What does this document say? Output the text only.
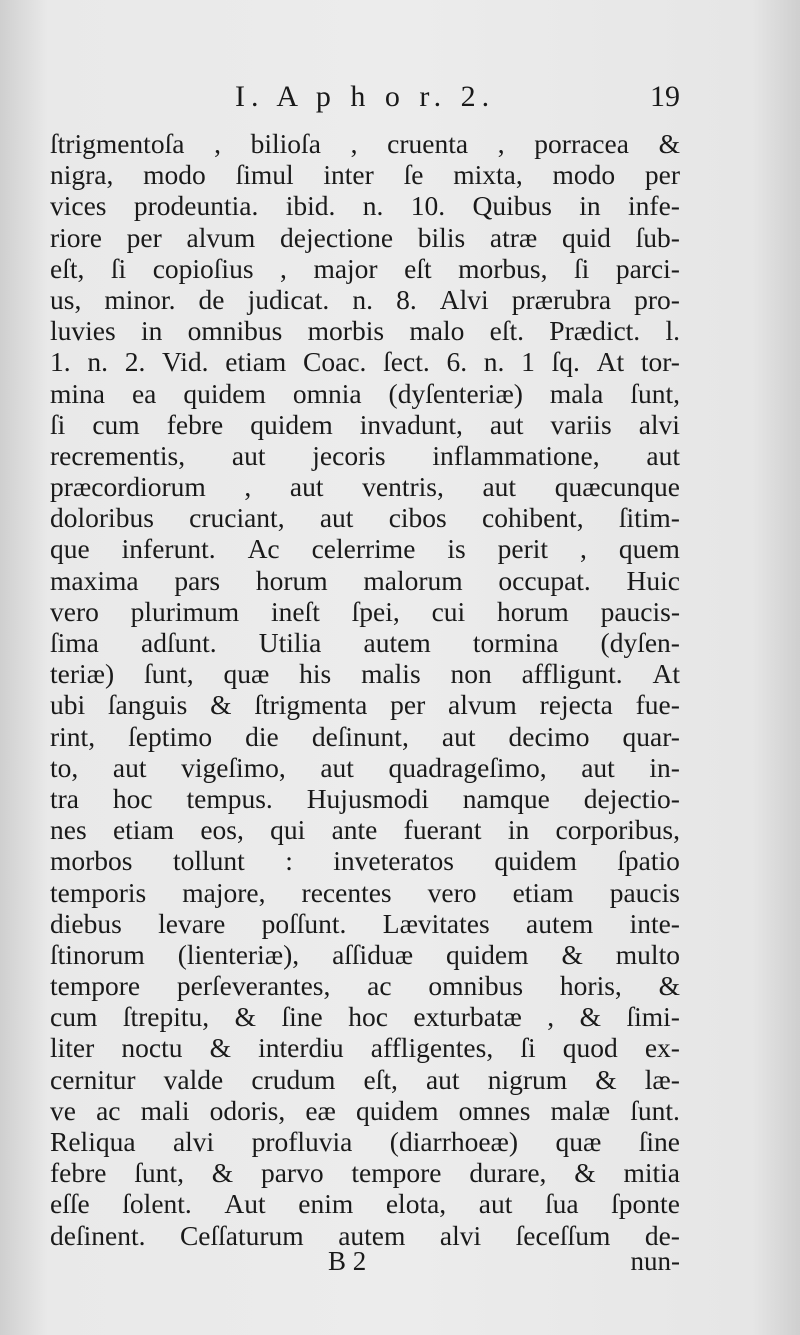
I. A p h o r. 2.	19
ſtrigmentoſa , bilioſa , cruenta , porracea &
nigra, modo ſimul inter ſe mixta, modo per
vices prodeuntia. ibid. n. 10. Quibus in infe-
riore per alvum dejectione bilis atræ quid ſub-
eſt, ſi copioſius , major eſt morbus, ſi parci-
us, minor. de judicat. n. 8. Alvi prærubra pro-
luvies in omnibus morbis malo eſt. Prædict. l.
1. n. 2. Vid. etiam Coac. ſect. 6. n. 1 ſq. At tor-
mina ea quidem omnia (dyſenteriæ) mala ſunt,
ſi cum febre quidem invadunt, aut variis alvi
recrementis, aut jecoris inflammatione, aut
præcordiorum , aut ventris, aut quæcunque
doloribus cruciant, aut cibos cohibent, ſitim-
que inferunt. Ac celerrime is perit , quem
maxima pars horum malorum occupat. Huic
vero plurimum ineſt ſpei, cui horum paucis-
ſima adſunt. Utilia autem tormina (dyſen-
teriæ) ſunt, quæ his malis non affligunt. At
ubi ſanguis & ſtrigmenta per alvum rejecta fue-
rint, ſeptimo die deſinunt, aut decimo quar-
to, aut vigeſimo, aut quadrageſimo, aut in-
tra hoc tempus. Hujusmodi namque dejectio-
nes etiam eos, qui ante fuerant in corporibus,
morbos tollunt : inveteratos quidem ſpatio
temporis majore, recentes vero etiam paucis
diebus levare poſſunt. Lævitates autem inte-
ſtinorum (lienteriæ), aſſiduæ quidem & multo
tempore perſeverantes, ac omnibus horis, &
cum ſtrepitu, & ſine hoc exturbatæ , & ſimi-
liter noctu & interdiu affligentes, ſi quod ex-
cernitur valde crudum eſt, aut nigrum & læ-
ve ac mali odoris, eæ quidem omnes malæ ſunt.
Reliqua alvi profluvia (diarrhoeæ) quæ ſine
febre ſunt, & parvo tempore durare, & mitia
eſſe ſolent. Aut enim elota, aut ſua ſponte
deſinent. Ceſſaturum autem alvi ſeceſſum de-
B 2	nun-
